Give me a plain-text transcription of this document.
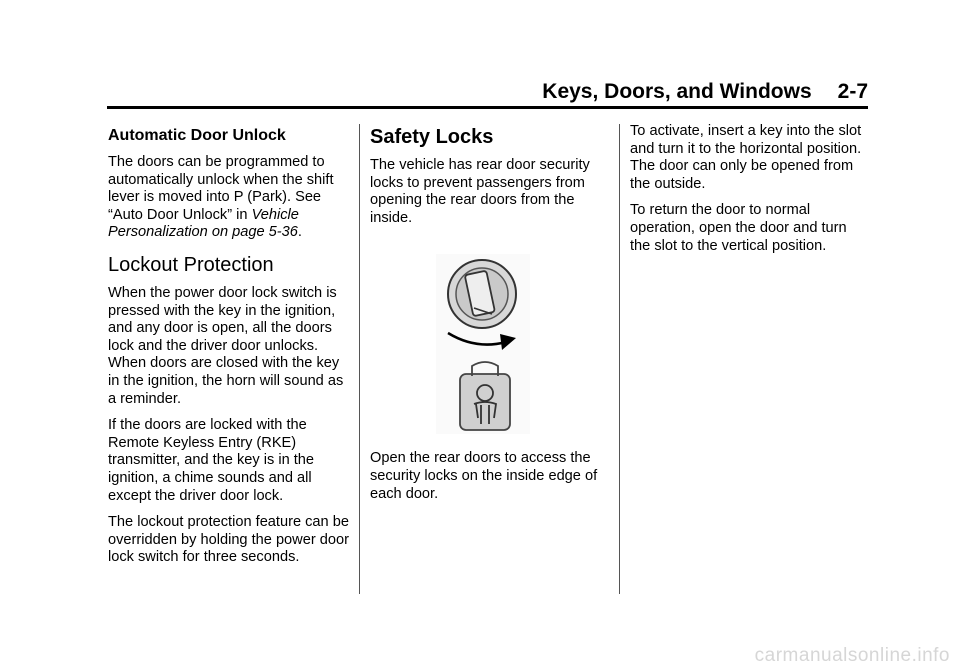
Keys, Doors, and Windows 2-7
Automatic Door Unlock

The doors can be programmed to automatically unlock when the shift lever is moved into P (Park). See “Auto Door Unlock” in Vehicle Personalization on page 5-36.

Lockout Protection

When the power door lock switch is pressed with the key in the ignition, and any door is open, all the doors lock and the driver door unlocks. When doors are closed with the key in the ignition, the horn will sound as a reminder.

If the doors are locked with the Remote Keyless Entry (RKE) transmitter, and the key is in the ignition, a chime sounds and all except the driver door lock.

The lockout protection feature can be overridden by holding the power door lock switch for three seconds.

Safety Locks

The vehicle has rear door security locks to prevent passengers from opening the rear doors from the inside.

Open the rear doors to access the security locks on the inside edge of each door.

To activate, insert a key into the slot and turn it to the horizontal position. The door can only be opened from the outside.

To return the door to normal operation, open the door and turn the slot to the vertical position.

carmanualsonline.info
